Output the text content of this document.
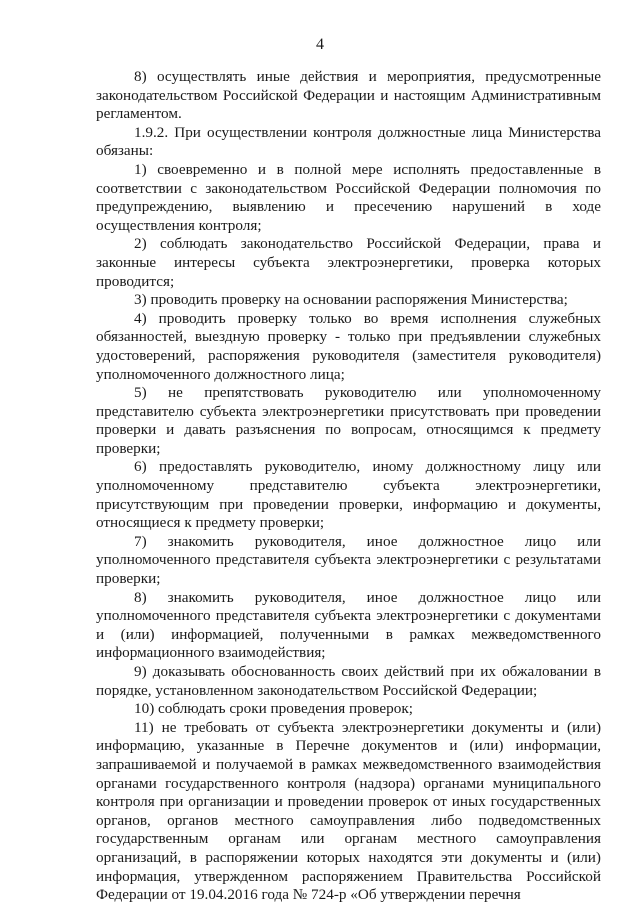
4

8) осуществлять иные действия и мероприятия, предусмотренные законодательством Российской Федерации и настоящим Административным регламентом.

1.9.2. При осуществлении контроля должностные лица Министерства обязаны:

1) своевременно и в полной мере исполнять предоставленные в соответствии с законодательством Российской Федерации полномочия по предупреждению, выявлению и пресечению нарушений в ходе осуществления контроля;

2) соблюдать законодательство Российской Федерации, права и законные интересы субъекта электроэнергетики, проверка которых проводится;

3) проводить проверку на основании распоряжения Министерства;

4) проводить проверку только во время исполнения служебных обязанностей, выездную проверку - только при предъявлении служебных удостоверений, распоряжения руководителя (заместителя руководителя) уполномоченного должностного лица;

5) не препятствовать руководителю или уполномоченному представителю субъекта электроэнергетики присутствовать при проведении проверки и давать разъяснения по вопросам, относящимся к предмету проверки;

6) предоставлять руководителю, иному должностному лицу или уполномоченному представителю субъекта электроэнергетики, присутствующим при проведении проверки, информацию и документы, относящиеся к предмету проверки;

7) знакомить руководителя, иное должностное лицо или уполномоченного представителя субъекта электроэнергетики с результатами проверки;

8) знакомить руководителя, иное должностное лицо или уполномоченного представителя субъекта электроэнергетики с документами и (или) информацией, полученными в рамках межведомственного информационного взаимодействия;

9) доказывать обоснованность своих действий при их обжаловании в порядке, установленном законодательством Российской Федерации;

10) соблюдать сроки проведения проверок;

11) не требовать от субъекта электроэнергетики документы и (или) информацию, указанные в Перечне документов и (или) информации, запрашиваемой и получаемой в рамках межведомственного взаимодействия органами государственного контроля (надзора) органами муниципального контроля при организации и проведении проверок от иных государственных органов, органов местного самоуправления либо подведомственных государственным органам или органам местного самоуправления организаций, в распоряжении которых находятся эти документы и (или) информация, утвержденном распоряжением Правительства Российской Федерации от 19.04.2016 года № 724-р «Об утверждении перечня
